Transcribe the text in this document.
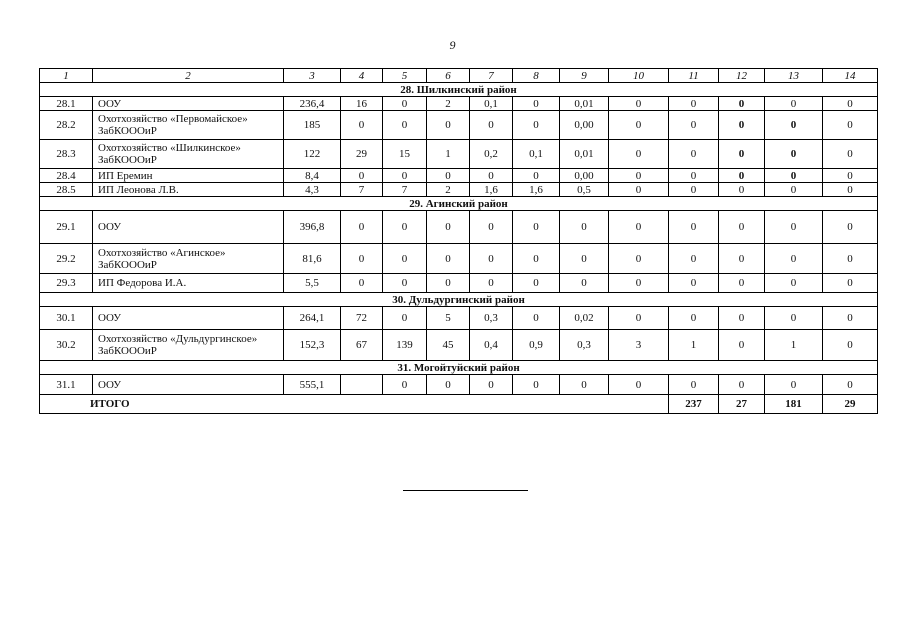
9
1	2	3	4	5	6	7	8	9	10	11	12	13	14
28. Шилкинский район													
28.1	ООУ	236,4	16	0	2	0,1	0	0,01	0	0	0	0	0
28.2	Охотхозяйство «Первомайское» ЗабКОООиР	185	0	0	0	0	0	0,00	0	0	0	0	0
28.3	Охотхозяйство «Шилкинское» ЗабКОООиР	122	29	15	1	0,2	0,1	0,01	0	0	0	0	0
28.4	ИП Еремин	8,4	0	0	0	0	0	0,00	0	0	0	0	0
28.5	ИП Леонова Л.В.	4,3	7	7	2	1,6	1,6	0,5	0	0	0	0	0
29. Агинский район													
29.1	ООУ	396,8	0	0	0	0	0	0	0	0	0	0	0
29.2	Охотхозяйство «Агинское» ЗабКОООиР	81,6	0	0	0	0	0	0	0	0	0	0	0
29.3	ИП Федорова И.А.	5,5	0	0	0	0	0	0	0	0	0	0	0
30. Дульдургинский район													
30.1	ООУ	264,1	72	0	5	0,3	0	0,02	0	0	0	0	0
30.2	Охотхозяйство «Дульдургинское» ЗабКОООиР	152,3	67	139	45	0,4	0,9	0,3	3	1	0	1	0
31. Могойтуйский район													
31.1	ООУ	555,1		0	0	0	0	0	0	0	0	0	0
ИТОГО										237	27	181	29
